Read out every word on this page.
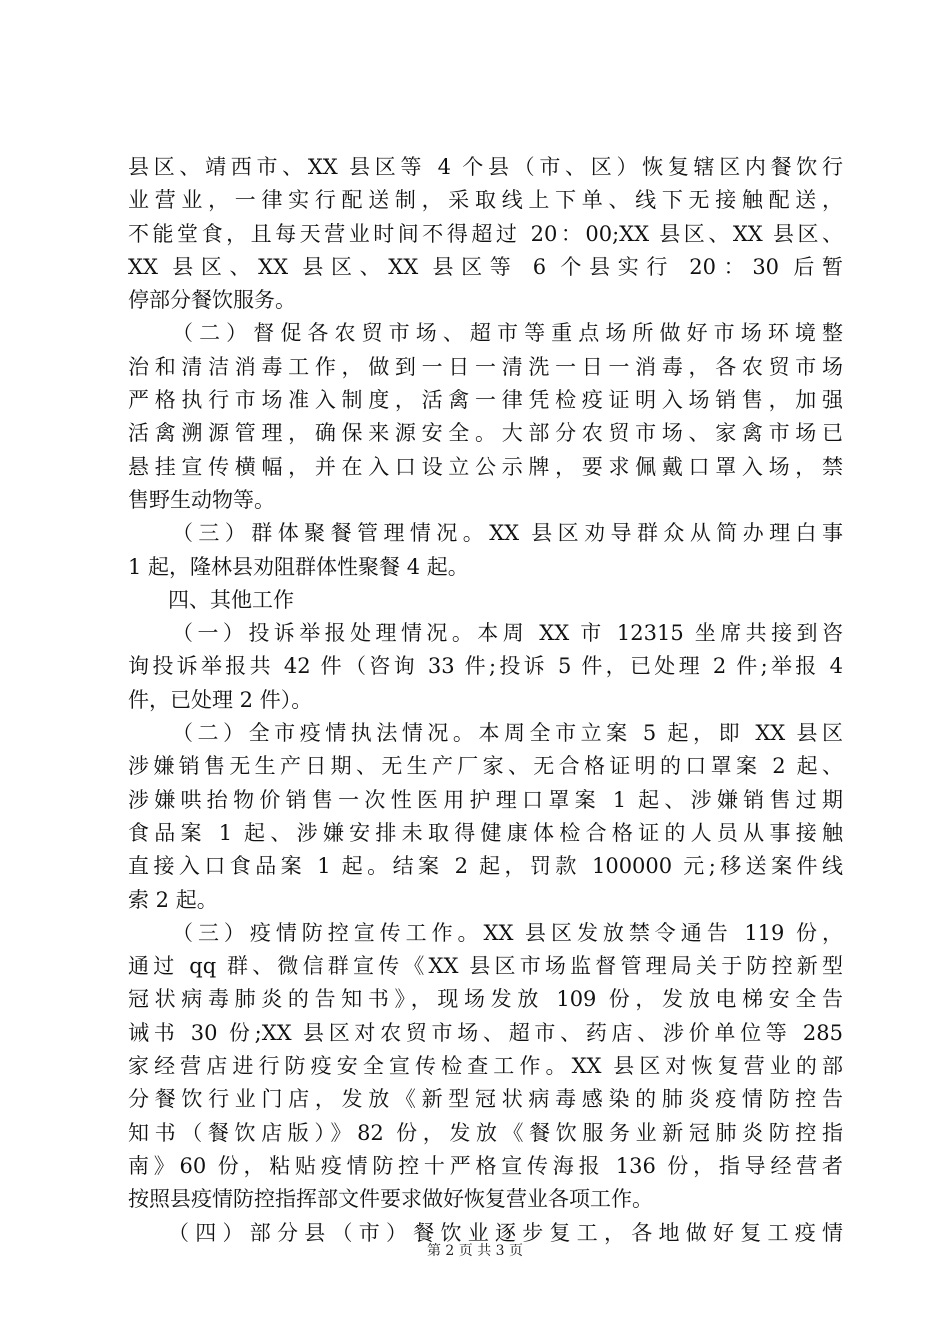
县区、靖西市、XX 县区等 4 个县（市、区）恢复辖区内餐饮行
业营业，一律实行配送制，采取线上下单、线下无接触配送，
不能堂食，且每天营业时间不得超过 20：00;XX 县区、XX 县区、
XX 县区、XX 县区、XX 县区等 6 个县实行 20：30 后暂
停部分餐饮服务。
（二）督促各农贸市场、超市等重点场所做好市场环境整
治和清洁消毒工作，做到一日一清洗一日一消毒，各农贸市场
严格执行市场准入制度，活禽一律凭检疫证明入场销售，加强
活禽溯源管理，确保来源安全。大部分农贸市场、家禽市场已
悬挂宣传横幅，并在入口设立公示牌，要求佩戴口罩入场，禁
售野生动物等。
（三）群体聚餐管理情况。XX 县区劝导群众从简办理白事
1 起，隆林县劝阻群体性聚餐 4 起。
四、其他工作
（一）投诉举报处理情况。本周 XX 市 12315 坐席共接到咨
询投诉举报共 42 件（咨询 33 件;投诉 5 件，已处理 2 件;举报 4
件，已处理 2 件）。
（二）全市疫情执法情况。本周全市立案 5 起，即 XX 县区
涉嫌销售无生产日期、无生产厂家、无合格证明的口罩案 2 起、
涉嫌哄抬物价销售一次性医用护理口罩案 1 起、涉嫌销售过期
食品案 1 起、涉嫌安排未取得健康体检合格证的人员从事接触
直接入口食品案 1 起。结案 2 起，罚款 100000 元;移送案件线
索 2 起。
（三）疫情防控宣传工作。XX 县区发放禁令通告 119 份，
通过 qq 群、微信群宣传《XX 县区市场监督管理局关于防控新型
冠状病毒肺炎的告知书》，现场发放 109 份，发放电梯安全告
诫书 30 份;XX 县区对农贸市场、超市、药店、涉价单位等 285
家经营店进行防疫安全宣传检查工作。XX 县区对恢复营业的部
分餐饮行业门店，发放《新型冠状病毒感染的肺炎疫情防控告
知书（餐饮店版）》82 份，发放《餐饮服务业新冠肺炎防控指
南》60 份，粘贴疫情防控十严格宣传海报 136 份，指导经营者
按照县疫情防控指挥部文件要求做好恢复营业各项工作。
（四）部分县（市）餐饮业逐步复工，各地做好复工疫情
第 2 页 共 3 页
